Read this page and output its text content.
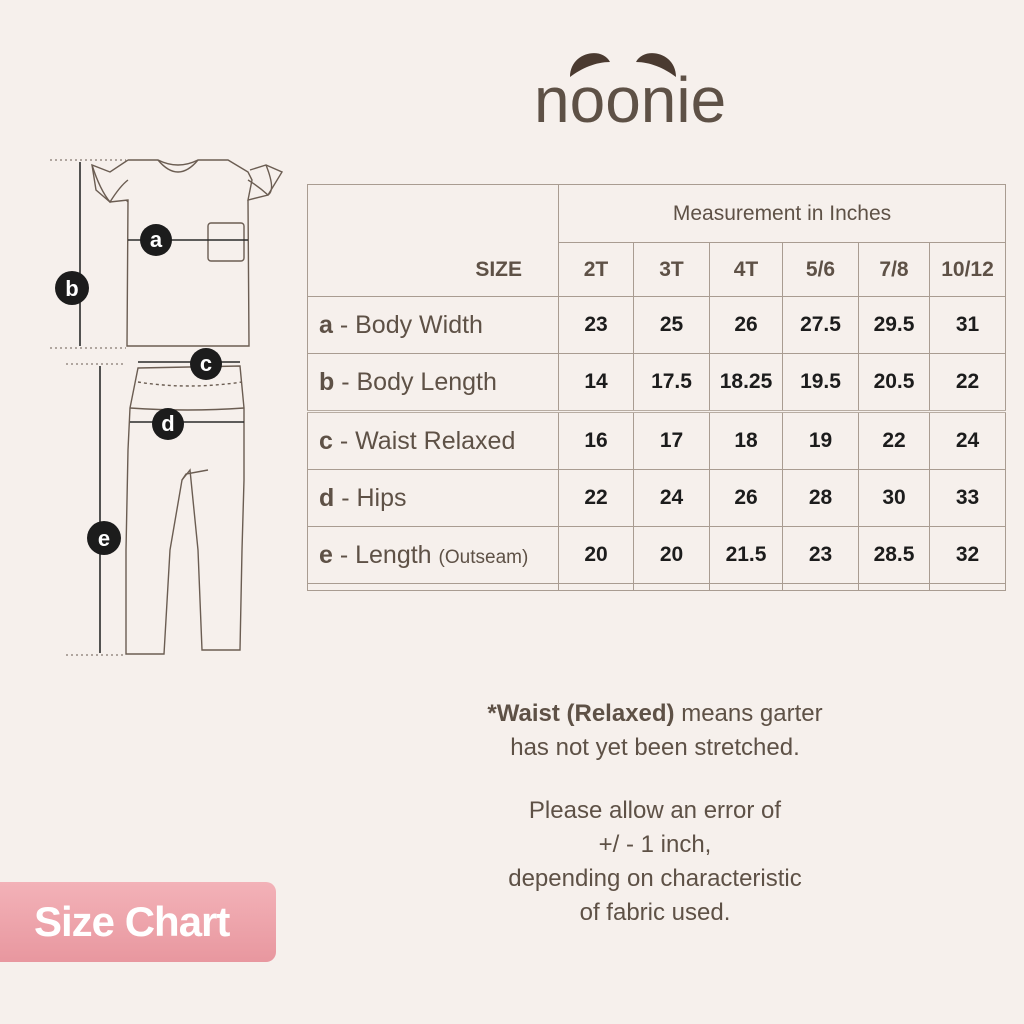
noonie
a
b
c
d
e
SIZE	Measurement in Inches					
	2T	3T	4T	5/6	7/8	10/12
a - Body Width	23	25	26	27.5	29.5	31
b - Body Length	14	17.5	18.25	19.5	20.5	22
c - Waist Relaxed	16	17	18	19	22	24
d - Hips	22	24	26	28	30	33
e - Length (Outseam)	20	20	21.5	23	28.5	32

*Waist (Relaxed) means garter
has not yet been stretched.
Please allow an error of
+/ - 1 inch,
depending on characteristic
of fabric used.
Size Chart
